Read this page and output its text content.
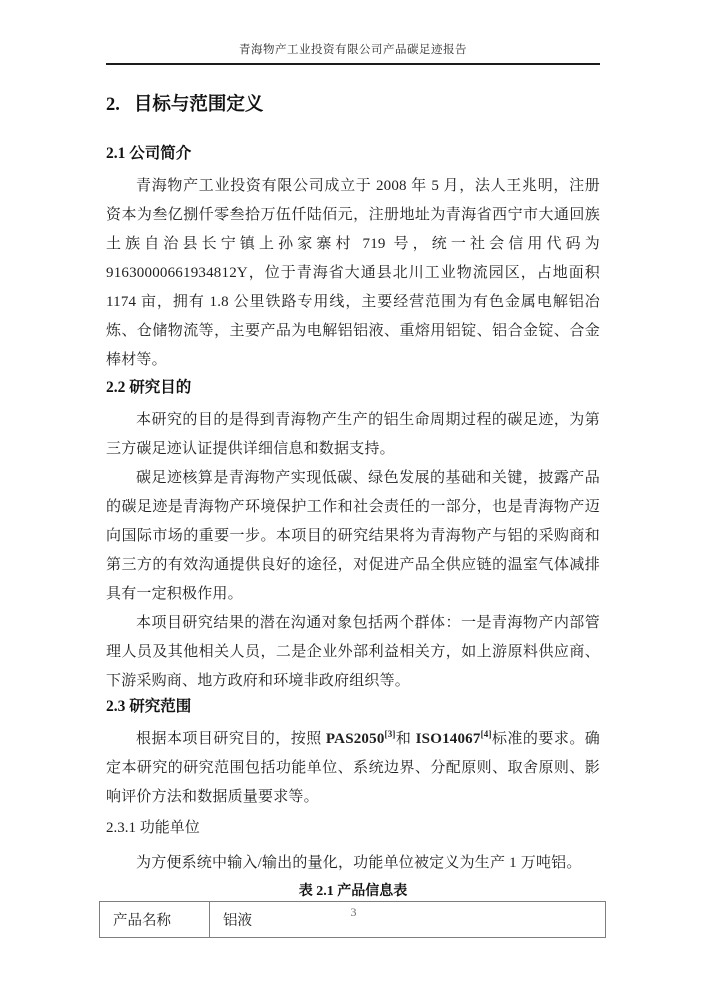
青海物产工业投资有限公司产品碳足迹报告
2. 目标与范围定义
2.1 公司简介

青海物产工业投资有限公司成立于 2008 年 5 月，法人王兆明，注册资本为叁亿捌仟零叁拾万伍仟陆佰元，注册地址为青海省西宁市大通回族土族自治县长宁镇上孙家寨村 719 号，统一社会信用代码为 91630000661934812Y，位于青海省大通县北川工业物流园区，占地面积 1174 亩，拥有 1.8 公里铁路专用线，主要经营范围为有色金属电解铝冶炼、仓储物流等，主要产品为电解铝铝液、重熔用铝锭、铝合金锭、合金棒材等。

2.2 研究目的

本研究的目的是得到青海物产生产的铝生命周期过程的碳足迹，为第三方碳足迹认证提供详细信息和数据支持。

碳足迹核算是青海物产实现低碳、绿色发展的基础和关键，披露产品的碳足迹是青海物产环境保护工作和社会责任的一部分，也是青海物产迈向国际市场的重要一步。本项目的研究结果将为青海物产与铝的采购商和第三方的有效沟通提供良好的途径，对促进产品全供应链的温室气体减排具有一定积极作用。

本项目研究结果的潜在沟通对象包括两个群体：一是青海物产内部管理人员及其他相关人员，二是企业外部利益相关方，如上游原料供应商、下游采购商、地方政府和环境非政府组织等。

2.3 研究范围

根据本项目研究目的，按照 PAS2050[3]和 ISO14067[4]标准的要求。确定本研究的研究范围包括功能单位、系统边界、分配原则、取舍原则、影响评价方法和数据质量要求等。

2.3.1 功能单位

为方便系统中输入/输出的量化，功能单位被定义为生产 1 万吨铝。

表 2.1 产品信息表
产品名称	铝液
3
